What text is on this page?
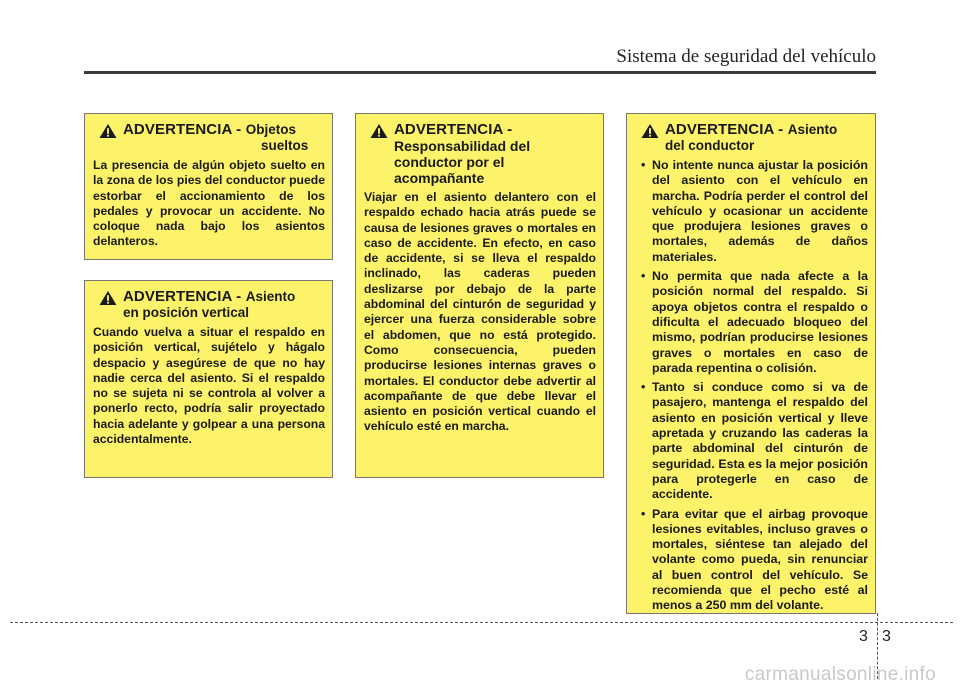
Sistema de seguridad del vehículo
ADVERTENCIA - Objetos
sueltos
La presencia de algún objeto suelto en la zona de los pies del conductor puede estorbar el accionamiento de los pedales y provocar un accidente. No coloque nada bajo los asientos delanteros.
ADVERTENCIA - Asiento
en posición vertical
Cuando vuelva a situar el respaldo en posición vertical, sujételo y hágalo despacio y asegúrese de que no hay nadie cerca del asiento. Si el respaldo no se sujeta ni se controla al volver a ponerlo recto, podría salir proyectado hacia adelante y golpear a una persona accidentalmente.
ADVERTENCIA -
Responsabilidad del conductor por el acompañante
Viajar en el asiento delantero con el respaldo echado hacia atrás puede se causa de lesiones graves o mortales en caso de accidente. En efecto, en caso de accidente, si se lleva el respaldo inclinado, las caderas pueden deslizarse por debajo de la parte abdominal del cinturón de seguridad y ejercer una fuerza considerable sobre el abdomen, que no está protegido. Como consecuencia, pueden producirse lesiones internas graves o mortales. El conductor debe advertir al acompañante de que debe llevar el asiento en posición vertical cuando el vehículo esté en marcha.
ADVERTENCIA - Asiento
del conductor
• No intente nunca ajustar la posición del asiento con el vehículo en marcha. Podría perder el control del vehículo y ocasionar un accidente que produjera lesiones graves o mortales, además de daños materiales.
• No permita que nada afecte a la posición normal del respaldo. Si apoya objetos contra el respaldo o dificulta el adecuado bloqueo del mismo, podrían producirse lesiones graves o mortales en caso de parada repentina o colisión.
• Tanto si conduce como si va de pasajero, mantenga el respaldo del asiento en posición vertical y lleve apretada y cruzando las caderas la parte abdominal del cinturón de seguridad. Esta es la mejor posición para protegerle en caso de accidente.
• Para evitar que el airbag provoque lesiones evitables, incluso graves o mortales, siéntese tan alejado del volante como pueda, sin renunciar al buen control del vehículo. Se recomienda que el pecho esté al menos a 250 mm del volante.
3 3
carmanualsonline.info
